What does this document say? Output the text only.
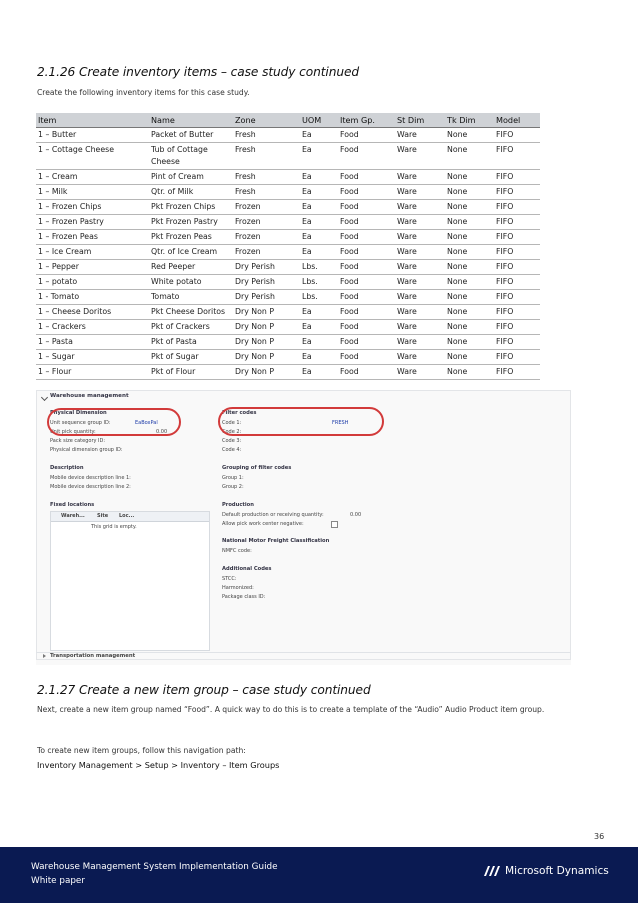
2.1.26 Create inventory items – case study continued
Create the following inventory items for this case study.
Item	Name	Zone	UOM	Item Gp.	St Dim	Tk Dim	Model
1 – Butter	Packet of Butter	Fresh	Ea	Food	Ware	None	FIFO
1 – Cottage Cheese	Tub of Cottage Cheese	Fresh	Ea	Food	Ware	None	FIFO
1 – Cream	Pint of Cream	Fresh	Ea	Food	Ware	None	FIFO
1 – Milk	Qtr. of Milk	Fresh	Ea	Food	Ware	None	FIFO
1 – Frozen Chips	Pkt Frozen Chips	Frozen	Ea	Food	Ware	None	FIFO
1 – Frozen Pastry	Pkt Frozen Pastry	Frozen	Ea	Food	Ware	None	FIFO
1 – Frozen Peas	Pkt Frozen Peas	Frozen	Ea	Food	Ware	None	FIFO
1 – Ice Cream	Qtr. of Ice Cream	Frozen	Ea	Food	Ware	None	FIFO
1 – Pepper	Red Peeper	Dry Perish	Lbs.	Food	Ware	None	FIFO
1 – potato	White potato	Dry Perish	Lbs.	Food	Ware	None	FIFO
1 - Tomato	Tomato	Dry Perish	Lbs.	Food	Ware	None	FIFO
1 – Cheese Doritos	Pkt Cheese Doritos	Dry Non P	Ea	Food	Ware	None	FIFO
1 – Crackers	Pkt of Crackers	Dry Non P	Ea	Food	Ware	None	FIFO
1 – Pasta	Pkt of Pasta	Dry Non P	Ea	Food	Ware	None	FIFO
1 – Sugar	Pkt of Sugar	Dry Non P	Ea	Food	Ware	None	FIFO
1 – Flour	Pkt of Flour	Dry Non P	Ea	Food	Ware	None	FIFO
Warehouse management
Physical Dimension
Unit sequence group ID:	EaBoxPal
Unit pick quantity:	0.00
Pack size category ID:
Physical dimension group ID:
Description
Mobile device description line 1:
Mobile device description line 2:
Fixed locations
Wareh... Site Loc...
This grid is empty.
Filter codes
Code 1:	FRESH
Code 2:
Code 3:
Code 4:
Grouping of filter codes
Group 1:
Group 2:
Production
Default production or receiving quantity:	0.00
Allow pick work center negative:
National Motor Freight Classification
NMFC code:
Additional Codes
STCC:
Harmonized:
Package class ID:
Transportation management
2.1.27 Create a new item group – case study continued
Next, create a new item group named “Food”. A quick way to do this is to create a template of the “Audio” Audio Product item group.
To create new item groups, follow this navigation path:
Inventory Management > Setup > Inventory – Item Groups
36
Warehouse Management System Implementation Guide
White paper
Microsoft Dynamics
